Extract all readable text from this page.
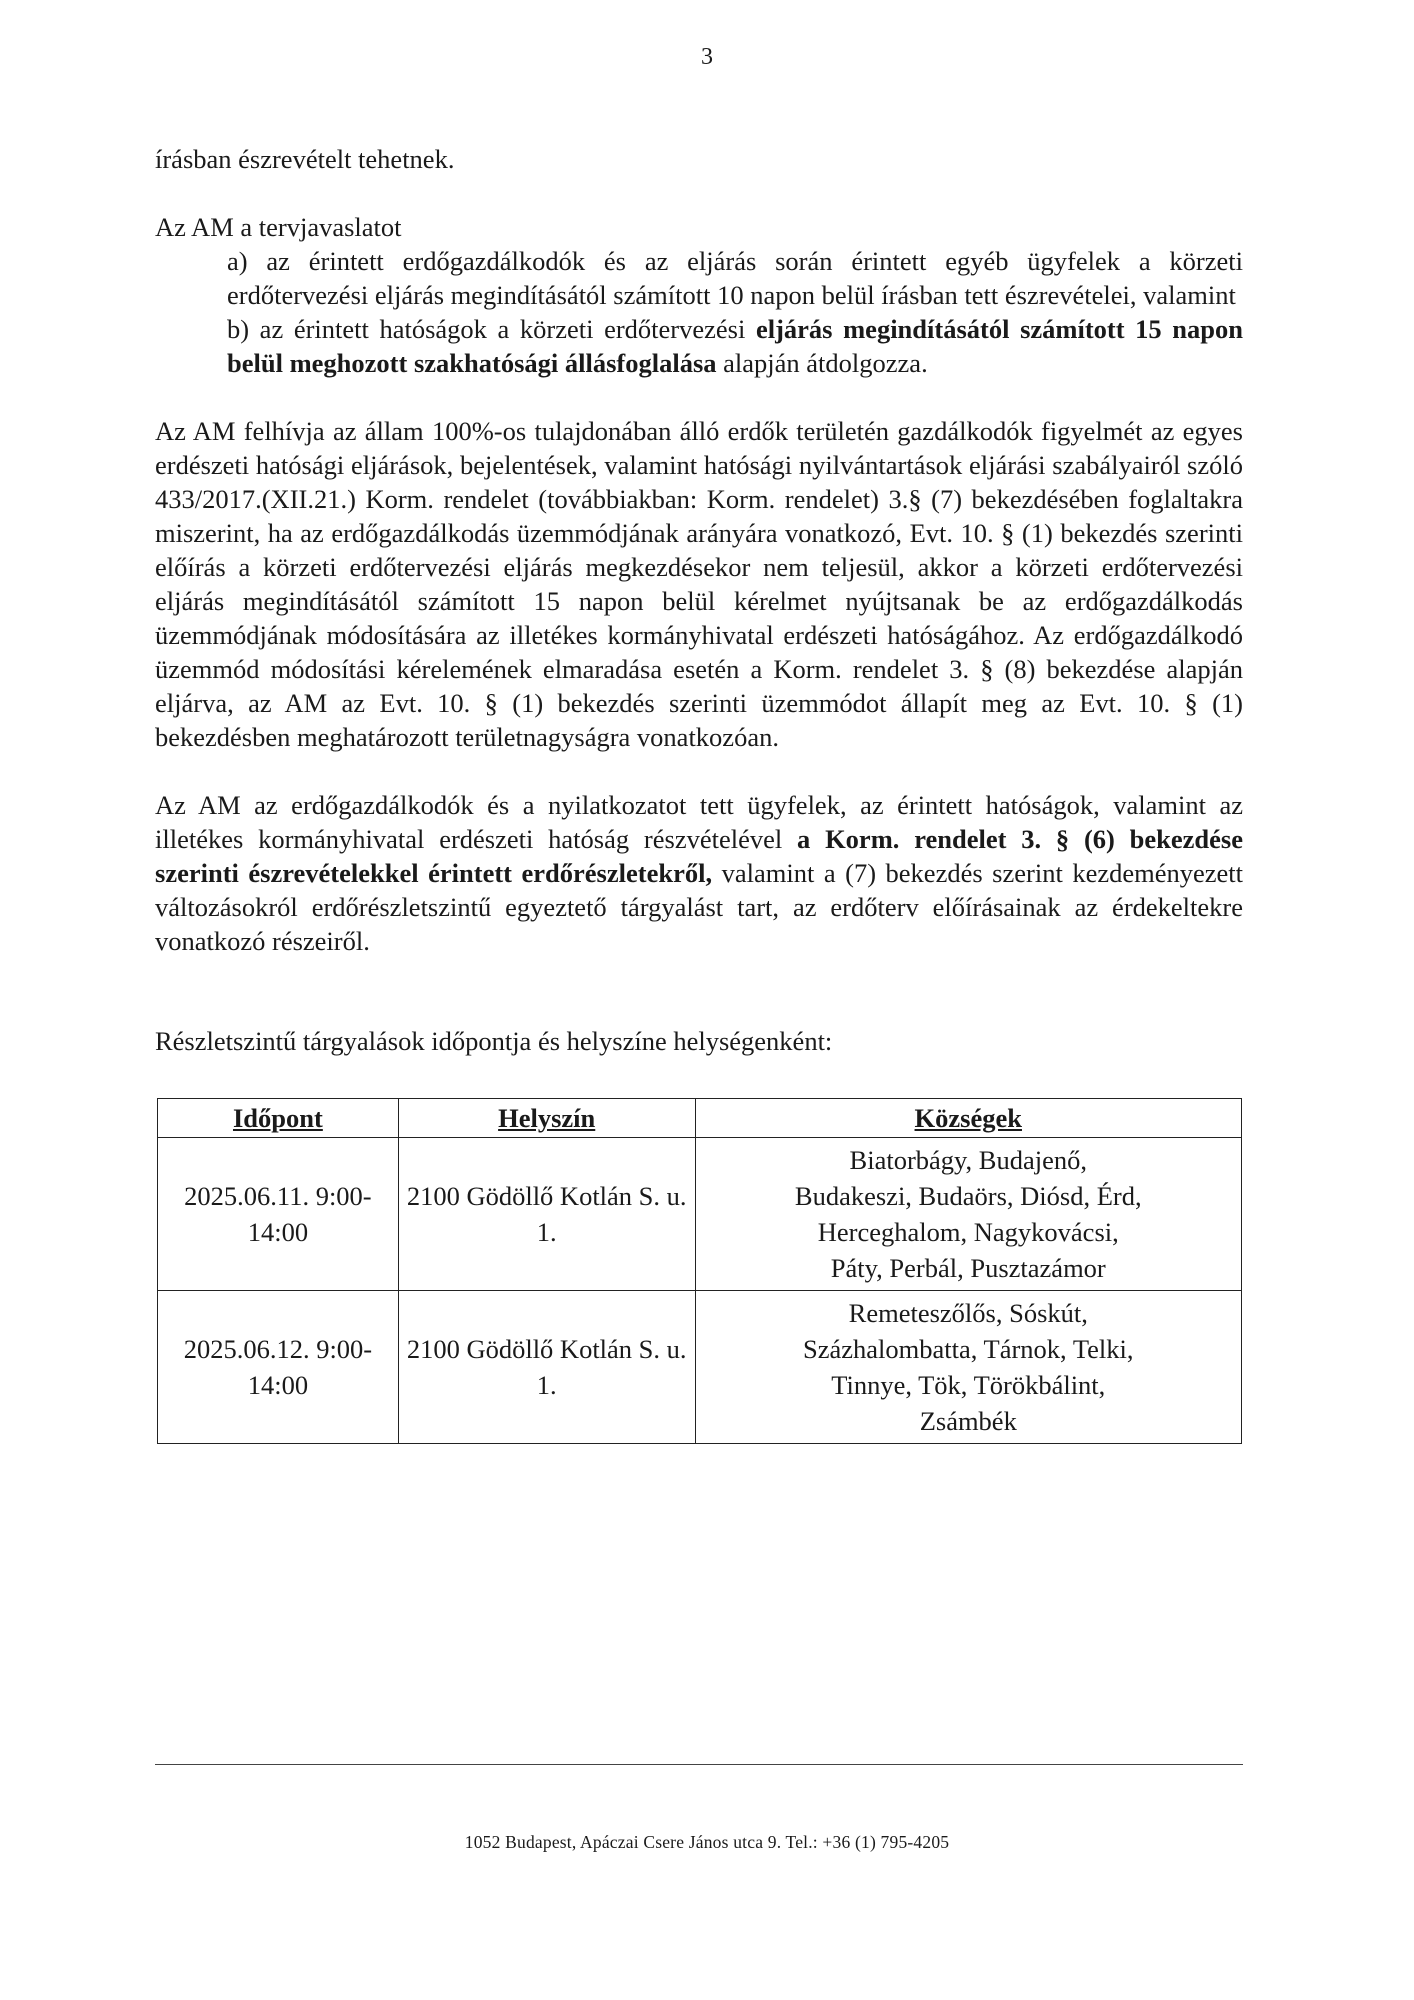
3

írásban észrevételt tehetnek.

Az AM a tervjavaslatot

a) az érintett erdőgazdálkodók és az eljárás során érintett egyéb ügyfelek a körzeti erdőtervezési eljárás megindításától számított 10 napon belül írásban tett észrevételei, valamint

b) az érintett hatóságok a körzeti erdőtervezési eljárás megindításától számított 15 napon belül meghozott szakhatósági állásfoglalása alapján átdolgozza.

Az AM felhívja az állam 100%-os tulajdonában álló erdők területén gazdálkodók figyelmét az egyes erdészeti hatósági eljárások, bejelentések, valamint hatósági nyilvántartások eljárási szabályairól szóló 433/2017.(XII.21.) Korm. rendelet (továbbiakban: Korm. rendelet) 3.§ (7) bekezdésében foglaltakra miszerint, ha az erdőgazdálkodás üzemmódjának arányára vonatkozó, Evt. 10. § (1) bekezdés szerinti előírás a körzeti erdőtervezési eljárás megkezdésekor nem teljesül, akkor a körzeti erdőtervezési eljárás megindításától számított 15 napon belül kérelmet nyújtsanak be az erdőgazdálkodás üzemmódjának módosítására az illetékes kormányhivatal erdészeti hatóságához. Az erdőgazdálkodó üzemmód módosítási kérelemének elmaradása esetén a Korm. rendelet 3. § (8) bekezdése alapján eljárva, az AM az Evt. 10. § (1) bekezdés szerinti üzemmódot állapít meg az Evt. 10. § (1) bekezdésben meghatározott területnagyságra vonatkozóan.

Az AM az erdőgazdálkodók és a nyilatkozatot tett ügyfelek, az érintett hatóságok, valamint az illetékes kormányhivatal erdészeti hatóság részvételével a Korm. rendelet 3. § (6) bekezdése szerinti észrevételekkel érintett erdőrészletekről, valamint a (7) bekezdés szerint kezdeményezett változásokról erdőrészletszintű egyeztető tárgyalást tart, az erdőterv előírásainak az érdekeltekre vonatkozó részeiről.

Részletszintű tárgyalások időpontja és helyszíne helységenként:

Időpont	Helyszín	Községek
2025.06.11. 9:00-14:00	2100 Gödöllő Kotlán S. u. 1.	Biatorbágy, Budajenő,
Budakeszi, Budaörs, Diósd, Érd,
Herceghalom, Nagykovácsi,
Páty, Perbál, Pusztazámor

2025.06.12. 9:00-14:00	2100 Gödöllő Kotlán S. u. 1.	Remeteszőlős, Sóskút,
Százhalombatta, Tárnok, Telki,
Tinnye, Tök, Törökbálint,
Zsámbék
1052 Budapest, Apáczai Csere János utca 9. Tel.: +36 (1) 795-4205
